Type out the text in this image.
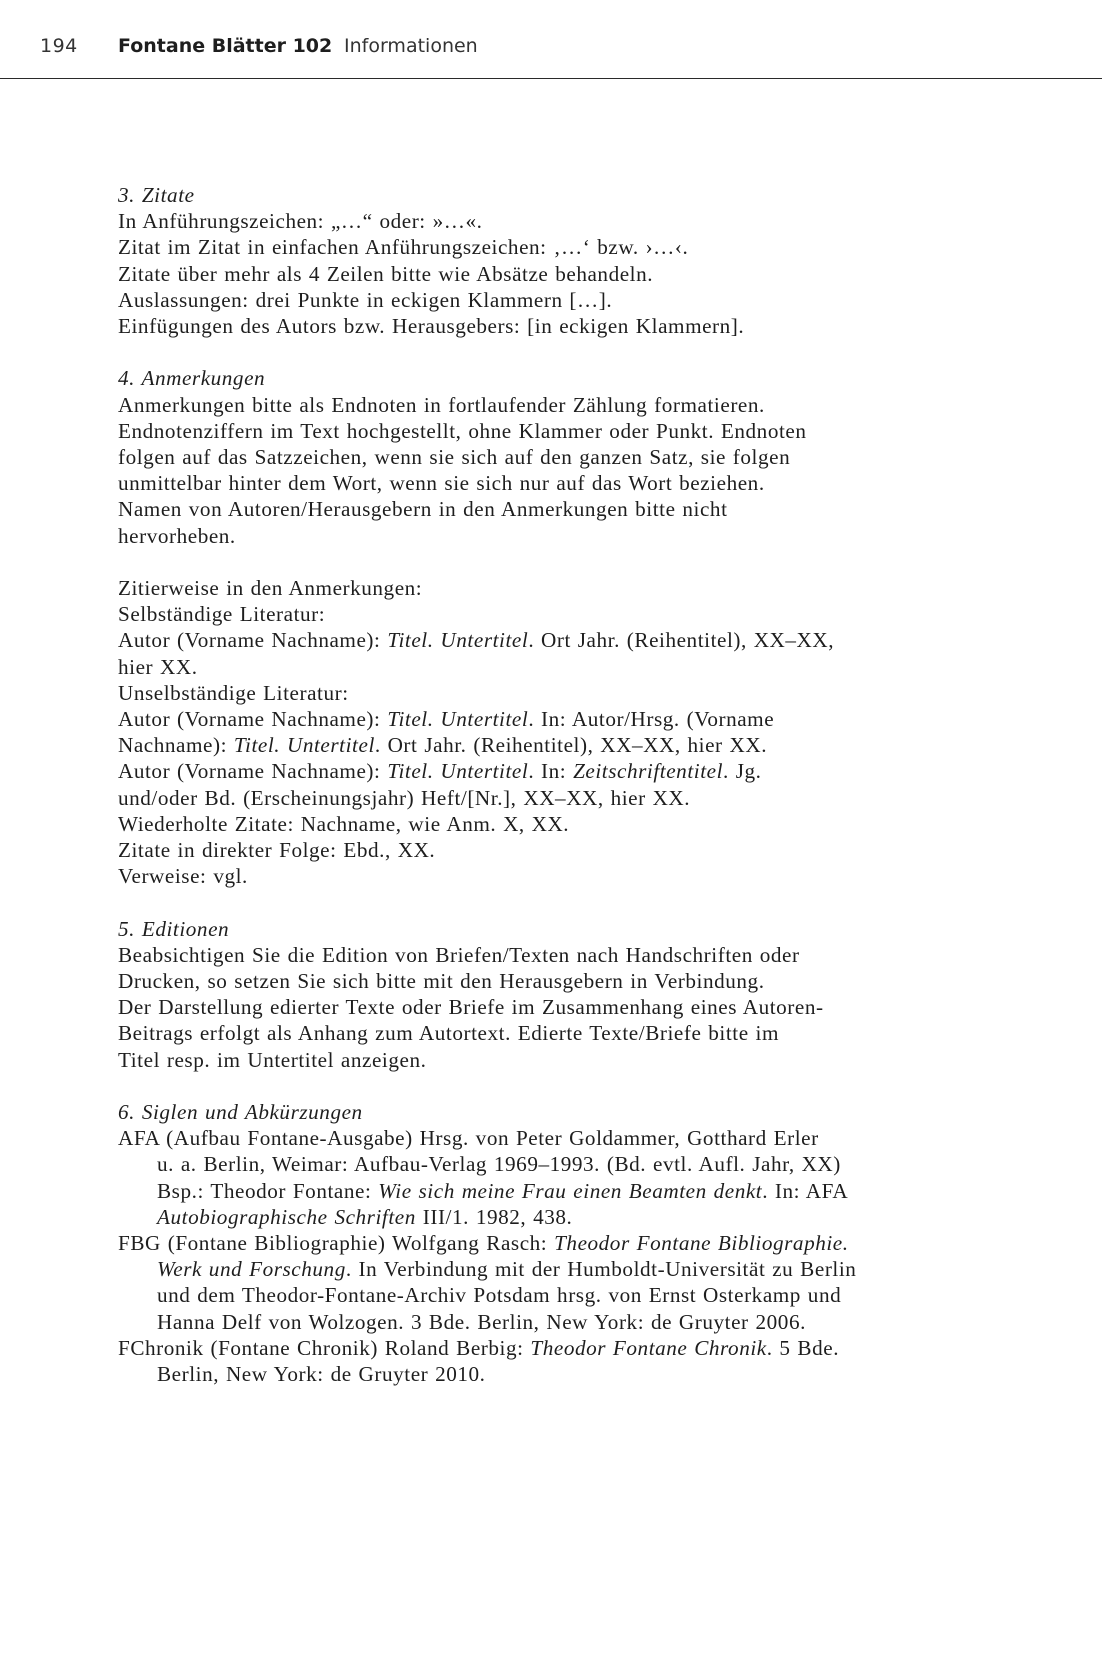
194 Fontane Blätter 102 Informationen
3. Zitate
In Anführungszeichen: „…“ oder: »…«.
Zitat im Zitat in einfachen Anführungszeichen: ‚…‘ bzw. ›…‹.
Zitate über mehr als 4 Zeilen bitte wie Absätze behandeln.
Auslassungen: drei Punkte in eckigen Klammern […].
Einfügungen des Autors bzw. Herausgebers: [in eckigen Klammern].
4. Anmerkungen
Anmerkungen bitte als Endnoten in fortlaufender Zählung formatieren.
Endnotenziffern im Text hochgestellt, ohne Klammer oder Punkt. Endnoten
folgen auf das Satzzeichen, wenn sie sich auf den ganzen Satz, sie folgen
unmittelbar hinter dem Wort, wenn sie sich nur auf das Wort beziehen.
Namen von Autoren/Herausgebern in den Anmerkungen bitte nicht
hervorheben.
Zitierweise in den Anmerkungen:
Selbständige Literatur:
Autor (Vorname Nachname): Titel. Untertitel. Ort Jahr. (Reihentitel), XX–XX,
hier XX.
Unselbständige Literatur:
Autor (Vorname Nachname): Titel. Untertitel. In: Autor/Hrsg. (Vorname
Nachname): Titel. Untertitel. Ort Jahr. (Reihentitel), XX–XX, hier XX.
Autor (Vorname Nachname): Titel. Untertitel. In: Zeitschriftentitel. Jg.
und/oder Bd. (Erscheinungsjahr) Heft/[Nr.], XX–XX, hier XX.
Wiederholte Zitate: Nachname, wie Anm. X, XX.
Zitate in direkter Folge: Ebd., XX.
Verweise: vgl.
5. Editionen
Beabsichtigen Sie die Edition von Briefen/Texten nach Handschriften oder
Drucken, so setzen Sie sich bitte mit den Herausgebern in Verbindung.
Der Darstellung edierter Texte oder Briefe im Zusammenhang eines Autoren-
Beitrags erfolgt als Anhang zum Autortext. Edierte Texte/Briefe bitte im
Titel resp. im Untertitel anzeigen.
6. Siglen und Abkürzungen
AFA (Aufbau Fontane-Ausgabe) Hrsg. von Peter Goldammer, Gotthard Erler
u. a. Berlin, Weimar: Aufbau-Verlag 1969–1993. (Bd. evtl. Aufl. Jahr, XX)
Bsp.: Theodor Fontane: Wie sich meine Frau einen Beamten denkt. In: AFA
Autobiographische Schriften III/1. 1982, 438.
FBG (Fontane Bibliographie) Wolfgang Rasch: Theodor Fontane Bibliographie.
Werk und Forschung. In Verbindung mit der Humboldt-Universität zu Berlin
und dem Theodor-Fontane-Archiv Potsdam hrsg. von Ernst Osterkamp und
Hanna Delf von Wolzogen. 3 Bde. Berlin, New York: de Gruyter 2006.
FChronik (Fontane Chronik) Roland Berbig: Theodor Fontane Chronik. 5 Bde.
Berlin, New York: de Gruyter 2010.
